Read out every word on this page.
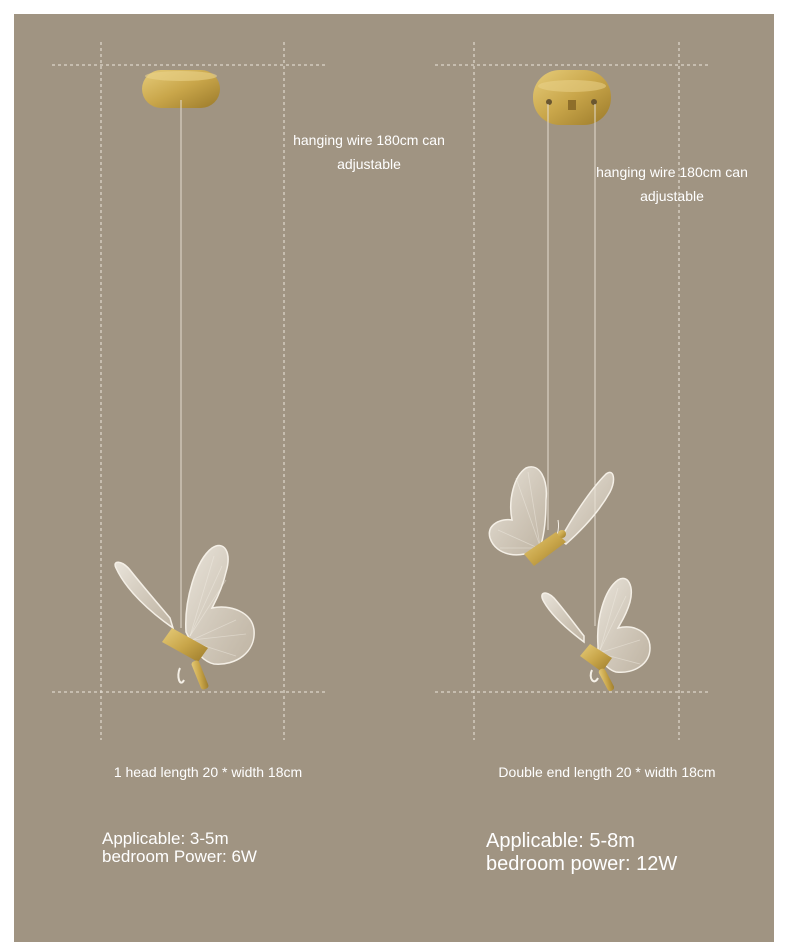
hanging wire 180cm can
adjustable
1 head length 20 * width 18cm
Applicable: 3-5m
bedroom Power: 6W
hanging wire 180cm can
adjustable
Double end length 20 * width 18cm
Applicable: 5-8m
bedroom power: 12W
